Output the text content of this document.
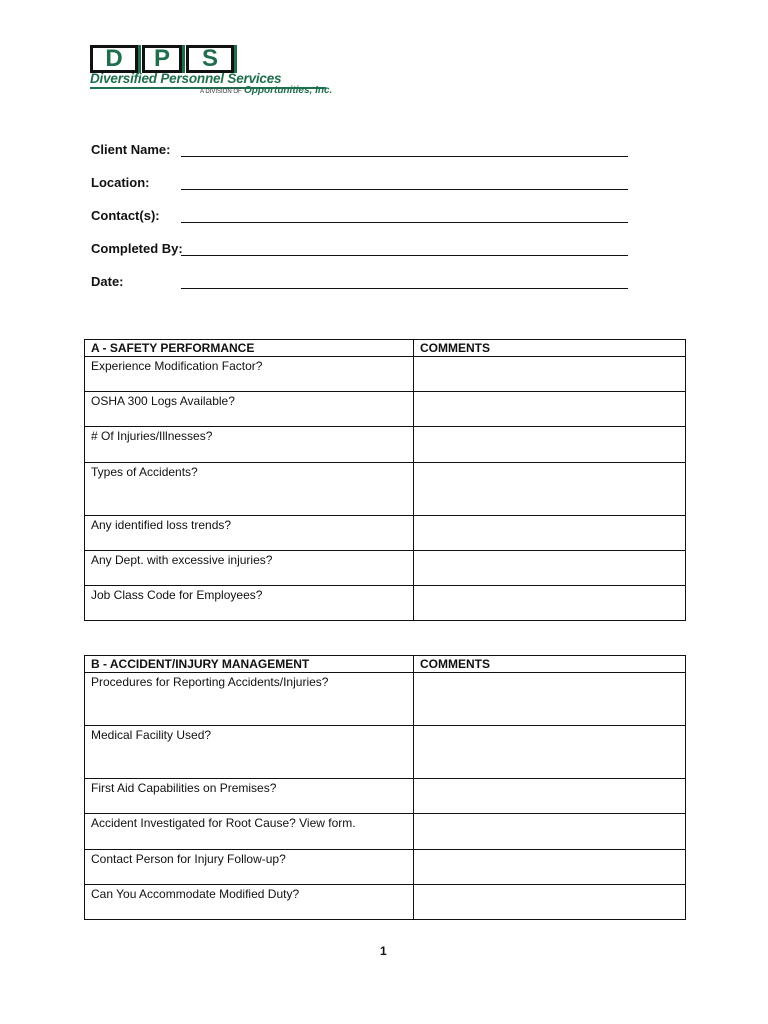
D	P	S
Diversified Personnel Services
A DIVISION OF Opportunities, Inc.
Client Name:
Location:
Contact(s):
Completed By:
Date:
A - SAFETY PERFORMANCE	COMMENTS
Experience Modification Factor?	
OSHA 300 Logs Available?	
# Of Injuries/Illnesses?	
Types of Accidents?	
Any identified loss trends?	
Any Dept. with excessive injuries?	
Job Class Code for Employees?	
B - ACCIDENT/INJURY MANAGEMENT	COMMENTS
Procedures for Reporting Accidents/Injuries?	
Medical Facility Used?	
First Aid Capabilities on Premises?	
Accident Investigated for Root Cause? View form.	
Contact Person for Injury Follow-up?	
Can You Accommodate Modified Duty?	
1
